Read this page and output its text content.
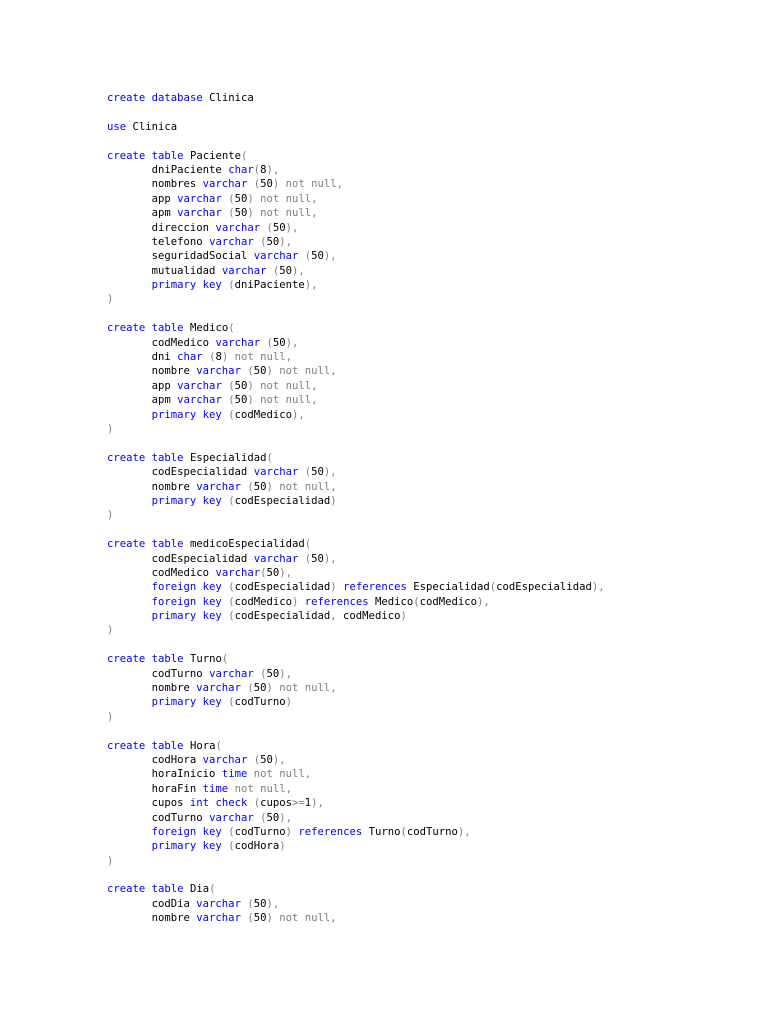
create database Clinica

use Clinica

create table Paciente(
dniPaciente char(8),
nombres varchar (50) not null,
app varchar (50) not null,
apm varchar (50) not null,
direccion varchar (50),
telefono varchar (50),
seguridadSocial varchar (50),
mutualidad varchar (50),
primary key (dniPaciente),
)

create table Medico(
codMedico varchar (50),
dni char (8) not null,
nombre varchar (50) not null,
app varchar (50) not null,
apm varchar (50) not null,
primary key (codMedico),
)

create table Especialidad(
codEspecialidad varchar (50),
nombre varchar (50) not null,
primary key (codEspecialidad)
)

create table medicoEspecialidad(
codEspecialidad varchar (50),
codMedico varchar(50),
foreign key (codEspecialidad) references Especialidad(codEspecialidad),
foreign key (codMedico) references Medico(codMedico),
primary key (codEspecialidad, codMedico)
)

create table Turno(
codTurno varchar (50),
nombre varchar (50) not null,
primary key (codTurno)
)

create table Hora(
codHora varchar (50),
horaInicio time not null,
horaFin time not null,
cupos int check (cupos>=1),
codTurno varchar (50),
foreign key (codTurno) references Turno(codTurno),
primary key (codHora)
)

create table Dia(
codDia varchar (50),
nombre varchar (50) not null,
